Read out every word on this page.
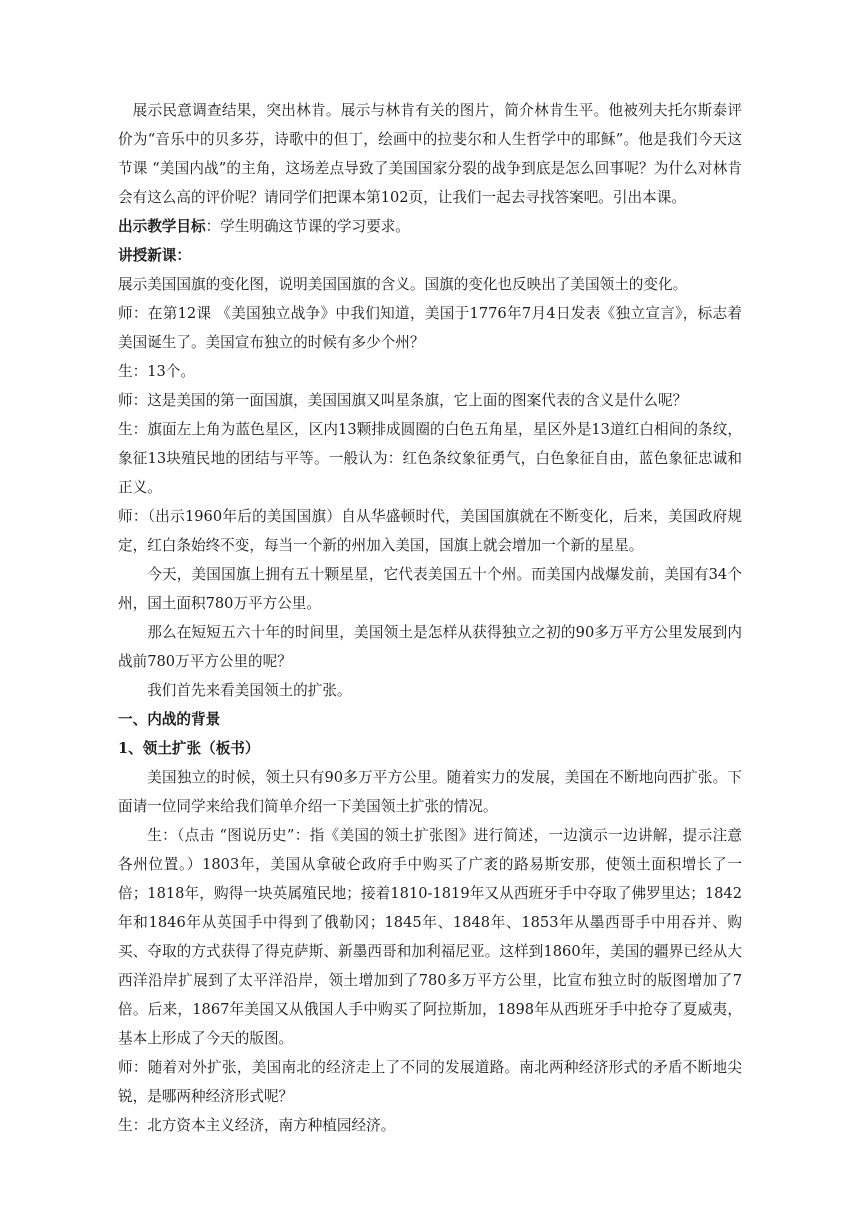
展示民意调查结果，突出林肯。展示与林肯有关的图片，简介林肯生平。他被列夫托尔斯泰评价为“音乐中的贝多芬，诗歌中的但丁，绘画中的拉斐尔和人生哲学中的耶稣”。他是我们今天这节课 “美国内战”的主角，这场差点导致了美国国家分裂的战争到底是怎么回事呢？为什么对林肯会有这么高的评价呢？请同学们把课本第102页，让我们一起去寻找答案吧。引出本课。

出示教学目标：学生明确这节课的学习要求。

讲授新课：

展示美国国旗的变化图，说明美国国旗的含义。国旗的变化也反映出了美国领土的变化。

师：在第12课 《美国独立战争》中我们知道，美国于1776年7月4日发表《独立宣言》，标志着美国诞生了。美国宣布独立的时候有多少个州？

生：13个。

师：这是美国的第一面国旗，美国国旗又叫星条旗，它上面的图案代表的含义是什么呢？

生：旗面左上角为蓝色星区，区内13颗排成圆圈的白色五角星，星区外是13道红白相间的条纹，象征13块殖民地的团结与平等。一般认为：红色条纹象征勇气，白色象征自由，蓝色象征忠诚和正义。

师：（出示1960年后的美国国旗）自从华盛顿时代，美国国旗就在不断变化，后来，美国政府规定，红白条始终不变，每当一个新的州加入美国，国旗上就会增加一个新的星星。

今天，美国国旗上拥有五十颗星星，它代表美国五十个州。而美国内战爆发前，美国有34个州，国土面积780万平方公里。

那么在短短五六十年的时间里，美国领土是怎样从获得独立之初的90多万平方公里发展到内战前780万平方公里的呢？

我们首先来看美国领土的扩张。

一、内战的背景

1、领土扩张（板书）

美国独立的时候，领土只有90多万平方公里。随着实力的发展，美国在不断地向西扩张。下面请一位同学来给我们简单介绍一下美国领土扩张的情况。

生：（点击 “图说历史”：指《美国的领土扩张图》进行简述，一边演示一边讲解，提示注意各州位置。）1803年，美国从拿破仑政府手中购买了广袤的路易斯安那，使领土面积增长了一倍；1818年，购得一块英属殖民地；接着1810-1819年又从西班牙手中夺取了佛罗里达；1842年和1846年从英国手中得到了俄勒冈；1845年、1848年、1853年从墨西哥手中用吞并、购买、夺取的方式获得了得克萨斯、新墨西哥和加利福尼亚。这样到1860年，美国的疆界已经从大西洋沿岸扩展到了太平洋沿岸，领土增加到了780多万平方公里，比宣布独立时的版图增加了7倍。后来，1867年美国又从俄国人手中购买了阿拉斯加，1898年从西班牙手中抢夺了夏威夷，基本上形成了今天的版图。

师：随着对外扩张，美国南北的经济走上了不同的发展道路。南北两种经济形式的矛盾不断地尖锐，是哪两种经济形式呢？

生：北方资本主义经济，南方种植园经济。
